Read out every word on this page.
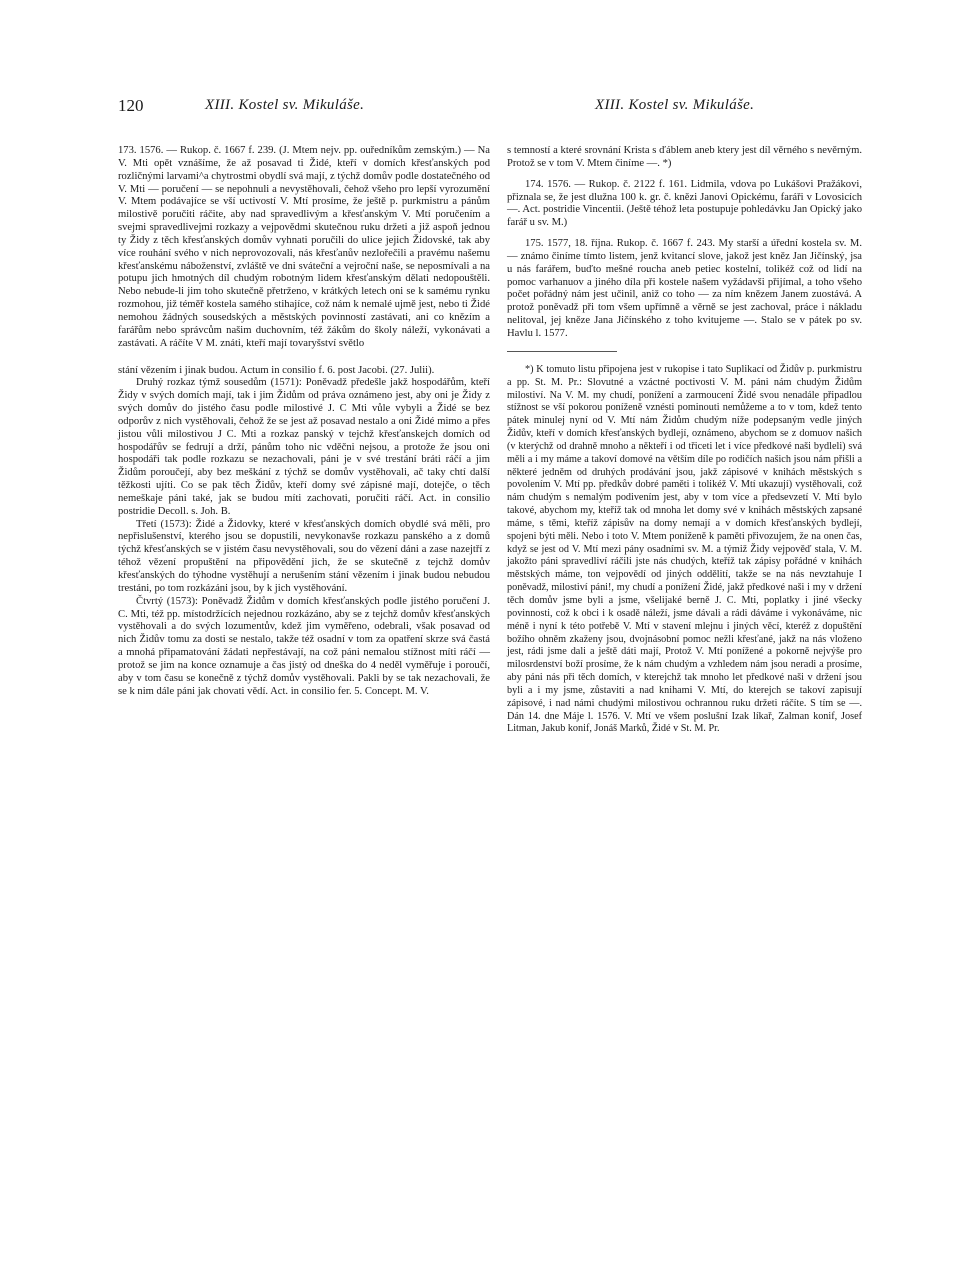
120	XIII. Kostel sv. Mikuláše.	XIII. Kostel sv. Mikuláše.

173. 1576. — Rukop. č. 1667 f. 239. (J. Mtem nejv. pp. ouředníkům zemským.) — Na V. Mti opět vznášíme, že až posavad ti Židé, kteří v domích křesťanských pod rozličnými larvami^a chytrostmi obydlí svá mají, z týchž domův podle dostatečného od V. Mti — poručení — se nepohnuli a nevystěhovali, čehož všeho pro lepší vyrozumění V. Mtem podávajíce se vší uctivostí V. Mtí prosíme, že ještě p. purkmistru a pánům milostivě poručiti ráčite, aby nad spravedlivým a křesťanským V. Mtí poručením a svejmi spravedlivejmi rozkazy a vejpovědmi skutečnou ruku držeti a již aspoň jednou ty Židy z těch křesťanských domův vyhnati poručili do ulice jejich Židovské, tak aby více rouhání svého v nich neprovozovali, nás křesťanův nezlořečili a pravému našemu křesťanskému náboženství, zvláště ve dni sváteční a vejroční naše, se neposmívali a na potupu jich hmotných díl chudým robotným lidem křesťanským dělati nedopouštěli. Nebo nebude-li jim toho skutečně přetrženo, v krátkých letech oni se k samému rynku rozmohou, již téměř kostela samého stihajíce, což nám k nemalé ujmě jest, nebo ti Židé nemohou žádných sousedských a městských povinností zastávati, ani co knězím a farářům nebo správcům našim duchovním, též žákům do školy náleží, vykonávati a zastávati. A ráčíte V M. znáti, kteří mají tovaryšství světlo

stání vězením i jinak budou. Actum in consilio f. 6. post Jacobi. (27. Julii).

Druhý rozkaz týmž sousedům (1571): Poněvadž předešle jakž hospodářům, kteří Židy v svých domích mají, tak i jim Židům od práva oznámeno jest, aby oni je Židy z svých domův do jistého času podle milostivé J. C Mti vůle vybyli a Židé se bez odporův z nich vystěhovali, čehož že se jest až posavad nestalo a oni Židé mimo a přes jistou vůli milostivou J C. Mti a rozkaz panský v tejchž křesťanskejch domích od hospodářův se fedrují a drží, pánům toho nic vděčni nejsou, a protože že jsou oni hospodáři tak podle rozkazu se nezachovali, páni je v své trestání bráti ráčí a jim Židům poroučejí, aby bez meškání z týchž se domův vystěhovali, ač taky chtí další těžkosti ujíti. Co se pak těch Židův, kteří domy své zápisné mají, dotejče, o těch nemeškaje páni také, jak se budou míti zachovati, poručiti ráčí. Act. in consilio postridie Decoll. s. Joh. B.

Třetí (1573): Židé a Židovky, které v křesťanských domích obydlé svá měli, pro nepřislušenství, kterého jsou se dopustili, nevykonavše rozkazu panského a z domů týchž křesťanských se v jistém času nevystěhovali, sou do vězení dáni a zase nazejtří z téhož vězení propuštění na připovědění jich, že se skutečně z tejchž domův křesťanských do týhodne vystěhují a nerušením stání vězením i jinak budou nebudou trestáni, po tom rozkázáni jsou, by k jich vystěhování.

Čtvrtý (1573): Poněvadž Židům v domích křesťanských podle jistého poručení J. C. Mti, též pp. místodržících nejednou rozkázáno, aby se z tejchž domův křesťanských vystěhovali a do svých lozumentův, kdež jim vyměřeno, odebrali, však posavad od nich Židův tomu za dosti se nestalo, takže též osadní v tom za opatření skrze svá častá a mnohá připamatování žádati nepřestávají, na což páni nemalou stížnost míti ráčí — protož se jim na konce oznamuje a čas jistý od dneška do 4 neděl vyměřuje i poroučí, aby v tom času se konečně z týchž domův vystěhovali. Pakli by se tak nezachovali, že se k nim dále páni jak chovati vědí. Act. in consilio fer. 5. Concept. M. V.

s temností a které srovnání Krista s ďáblem aneb ktery jest díl věrného s nevěrným. Protož se v tom V. Mtem činíme —. *)

174. 1576. — Rukop. č. 2122 f. 161. Lidmila, vdova po Lukášovi Pražákovi, přiznala se, že jest dlužna 100 k. gr. č. knězi Janovi Opickému, faráři v Lovosicích —. Act. postridie Vincentii. (Ještě téhož leta postupuje pohledávku Jan Opický jako farář u sv. M.)

175. 1577, 18. října. Rukop. č. 1667 f. 243. My starší a úřední kostela sv. M. — známo činíme tímto listem, jenž kvitancí slove, jakož jest kněz Jan Jičínský, jsa u nás farářem, buďto mešné roucha aneb petiec kostelní, tolikéž což od lidí na pomoc varhanuov a jiného díla při kostele našem vyžádavši přijímal, a toho všeho počet pořádný nám jest učinil, aniž co toho — za ním knězem Janem zuostává. A protož poněvadž při tom všem upřímně a věrně se jest zachoval, práce i nákladu nelitoval, jej kněze Jana Jičínského z toho kvitujeme —. Stalo se v pátek po sv. Havlu l. 1577.

*) K tomuto listu připojena jest v rukopise i tato Suplikací od Židův p. purkmistru a pp. St. M. Pr.: Slovutné a vzáctné poctivosti V. M. páni nám chudým Židům milostiví. Na V. M. my chudí, ponížení a zarmoucení Židé svou nenadále připadlou stížnost se vší pokorou poníženě vznésti pominouti nemůžeme a to v tom, kdež tento pátek minulej nyní od V. Mtí nám Židům chudým níže podepsaným vedle jiných Židův, kteří v domích křesťanských bydlejí, oznámeno, abychom se z domuov našich (v kterýchž od drahně mnoho a někteří i od třiceti let i více předkové naši bydleli) svá měli a i my máme a takoví domové na větším díle po rodičích našich jsou nám přišli a některé jedněm od druhých prodávání jsou, jakž zápisové v knihách městských s povolením V. Mtí pp. předkův dobré paměti i tolikéž V. Mtí ukazují) vystěhovali, což nám chudým s nemalým podivením jest, aby v tom více a předsevzetí V. Mtí bylo takové, abychom my, kteříž tak od mnoha let domy své v knihách městských zapsané máme, s těmi, kteříž zápisův na domy nemají a v domích křesťanských bydlejí, spojeni býti měli. Nebo i toto V. Mtem poníženě k paměti přivozujem, že na onen čas, když se jest od V. Mtí mezi pány osadními sv. M. a týmiž Židy vejpověď stala, V. M. jakožto páni spravedliví ráčili jste nás chudých, kteříž tak zápisy pořádné v knihách městských máme, ton vejpovědí od jiných oddělití, takže se na nás nevztahuje I poněvadž, milostiví páni!, my chudí a ponížení Židé, jakž předkové naši i my v držení těch domův jsme byli a jsme, všelijaké berně J. C. Mti, poplatky i jiné všecky povinnosti, což k obci i k osadě náleží, jsme dávali a rádi dáváme i vykonáváme, nic méně i nyní k této potřebě V. Mtí v stavení mlejnu i jiných věcí, kteréž z dopuštění božího ohněm zkaženy jsou, dvojnásobní pomoc nežli křesťané, jakž na nás vloženo jest, rádi jsme dali a ještě dáti mají, Protož V. Mtí ponížené a pokorně nejvýše pro milosrdenství boží prosíme, že k nám chudým a vzhledem nám jsou neradi a prosíme, aby páni nás při těch domích, v kterejchž tak mnoho let předkové naši v držení jsou byli a i my jsme, zůstaviti a nad knihami V. Mtí, do kterejch se takoví zapisují zápisové, i nad námi chudými milostivou ochrannou ruku držeti ráčíte. S tím se —. Dán 14. dne Máje l. 1576. V. Mtí ve všem poslušní Izak líkař, Zalman konif, Josef Litman, Jakub konif, Jonáš Marků, Židé v St. M. Pr.
